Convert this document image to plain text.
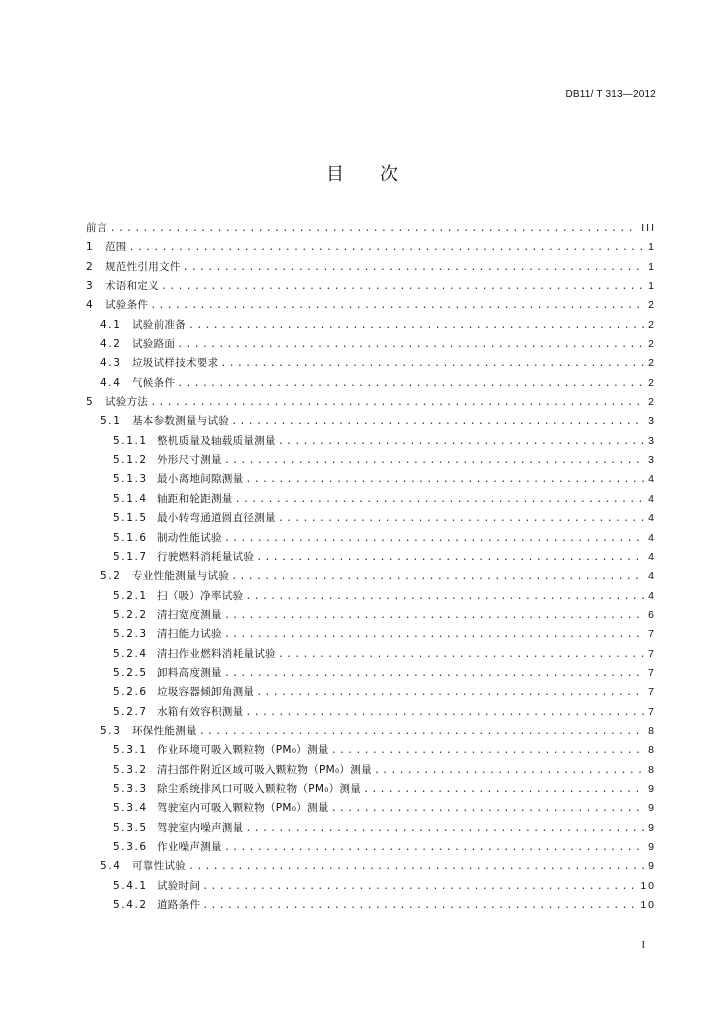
DB11/ T 313—2012
目次
前言 .....	III
1	范围 .....	1
2	规范性引用文件 .....	1
3	术语和定义 .....	1
4	试验条件 .....	2
4.1	试验前准备 .....	2
4.2	试验路面 .....	2
4.3	垃圾试样技术要求 .....	2
4.4	气候条件 .....	2
5	试验方法 .....	2
5.1	基本参数测量与试验 .....	3
5.1.1 整机质量及轴载质量测量 .....	3
5.1.2 外形尺寸测量 .....	3
5.1.3 最小离地间隙测量 .....	4
5.1.4 轴距和轮距测量 .....	4
5.1.5 最小转弯通道圆直径测量 .....	4
5.1.6 制动性能试验 .....	4
5.1.7 行驶燃料消耗量试验 .....	4
5.2	专业性能测量与试验 .....	4
5.2.1 扫（吸）净率试验 .....	4
5.2.2 清扫宽度测量 .....	6
5.2.3 清扫能力试验 .....	7
5.2.4 清扫作业燃料消耗量试验 .....	7
5.2.5 卸料高度测量 .....	7
5.2.6 垃圾容器倾卸角测量 .....	7
5.2.7 水箱有效容积测量 .....	7
5.3	环保性能测量 .....	8
5.3.1 作业环境可吸入颗粒物（PM₀）测量 .....	8
5.3.2 清扫部件附近区域可吸入颗粒物（PM₀）测量 .....	8
5.3.3 除尘系统排风口可吸入颗粒物（PM₀）测量 .....	9
5.3.4 驾驶室内可吸入颗粒物（PM₀）测量 .....	9
5.3.5 驾驶室内噪声测量 .....	9
5.3.6 作业噪声测量 .....	9
5.4	可靠性试验 .....	9
5.4.1 试验时间 .....	10
5.4.2 道路条件 .....	10
I
